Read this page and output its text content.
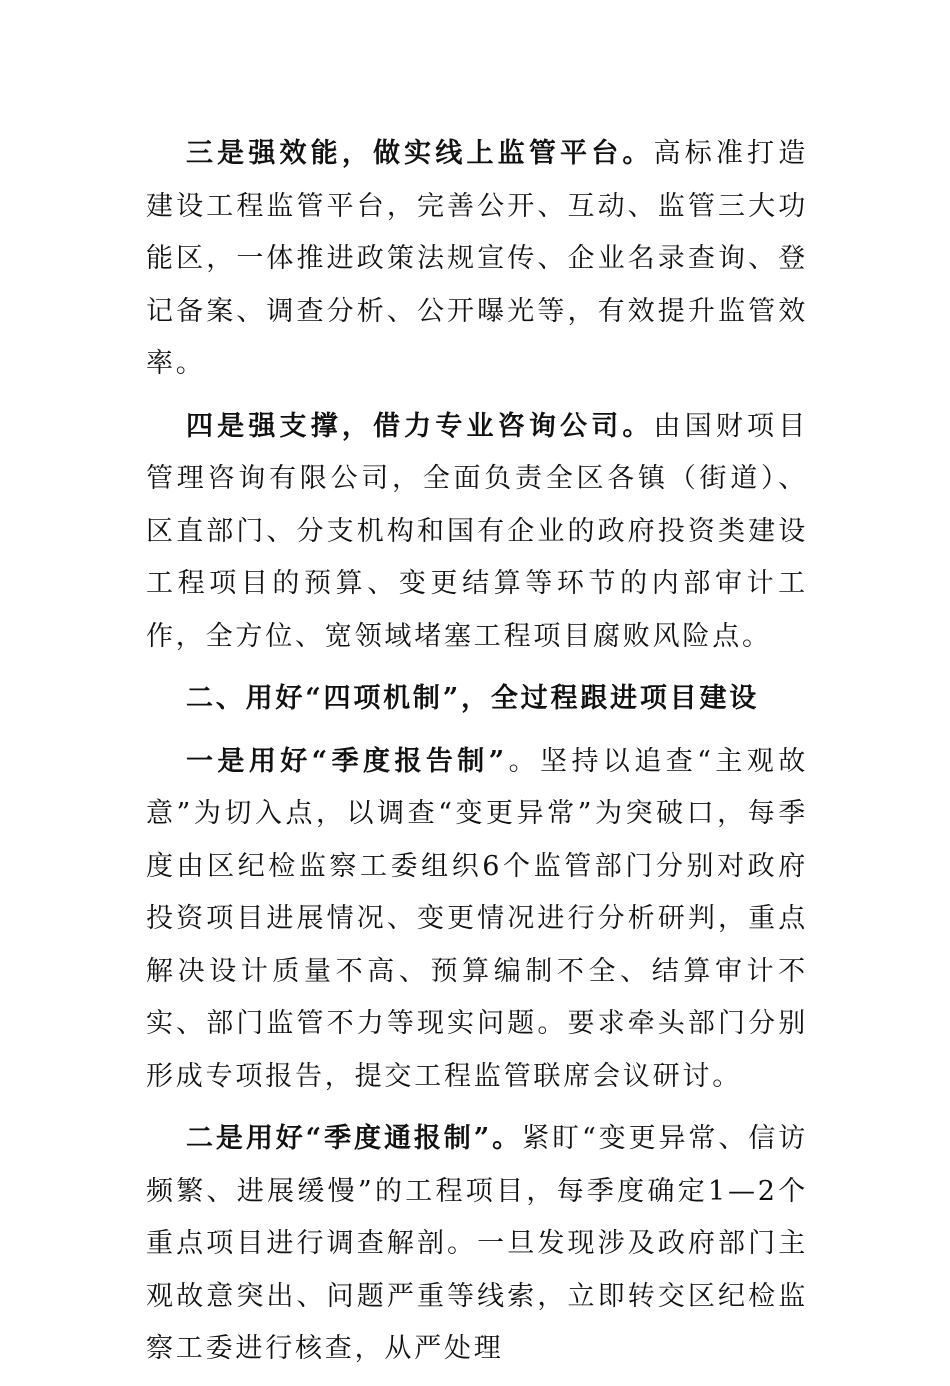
三是强效能，做实线上监管平台。高标准打造建设工程监管平台，完善公开、互动、监管三大功能区，一体推进政策法规宣传、企业名录查询、登记备案、调查分析、公开曝光等，有效提升监管效率。

四是强支撑，借力专业咨询公司。由国财项目管理咨询有限公司，全面负责全区各镇（街道）、区直部门、分支机构和国有企业的政府投资类建设工程项目的预算、变更结算等环节的内部审计工作，全方位、宽领域堵塞工程项目腐败风险点。

二、用好“四项机制”，全过程跟进项目建设

一是用好“季度报告制”。坚持以追查“主观故意”为切入点，以调查“变更异常”为突破口，每季度由区纪检监察工委组织6个监管部门分别对政府投资项目进展情况、变更情况进行分析研判，重点解决设计质量不高、预算编制不全、结算审计不实、部门监管不力等现实问题。要求牵头部门分别形成专项报告，提交工程监管联席会议研讨。

二是用好“季度通报制”。紧盯“变更异常、信访频繁、进展缓慢”的工程项目，每季度确定1—2个重点项目进行调查解剖。一旦发现涉及政府部门主观故意突出、问题严重等线索，立即转交区纪检监察工委进行核查，从严处理
